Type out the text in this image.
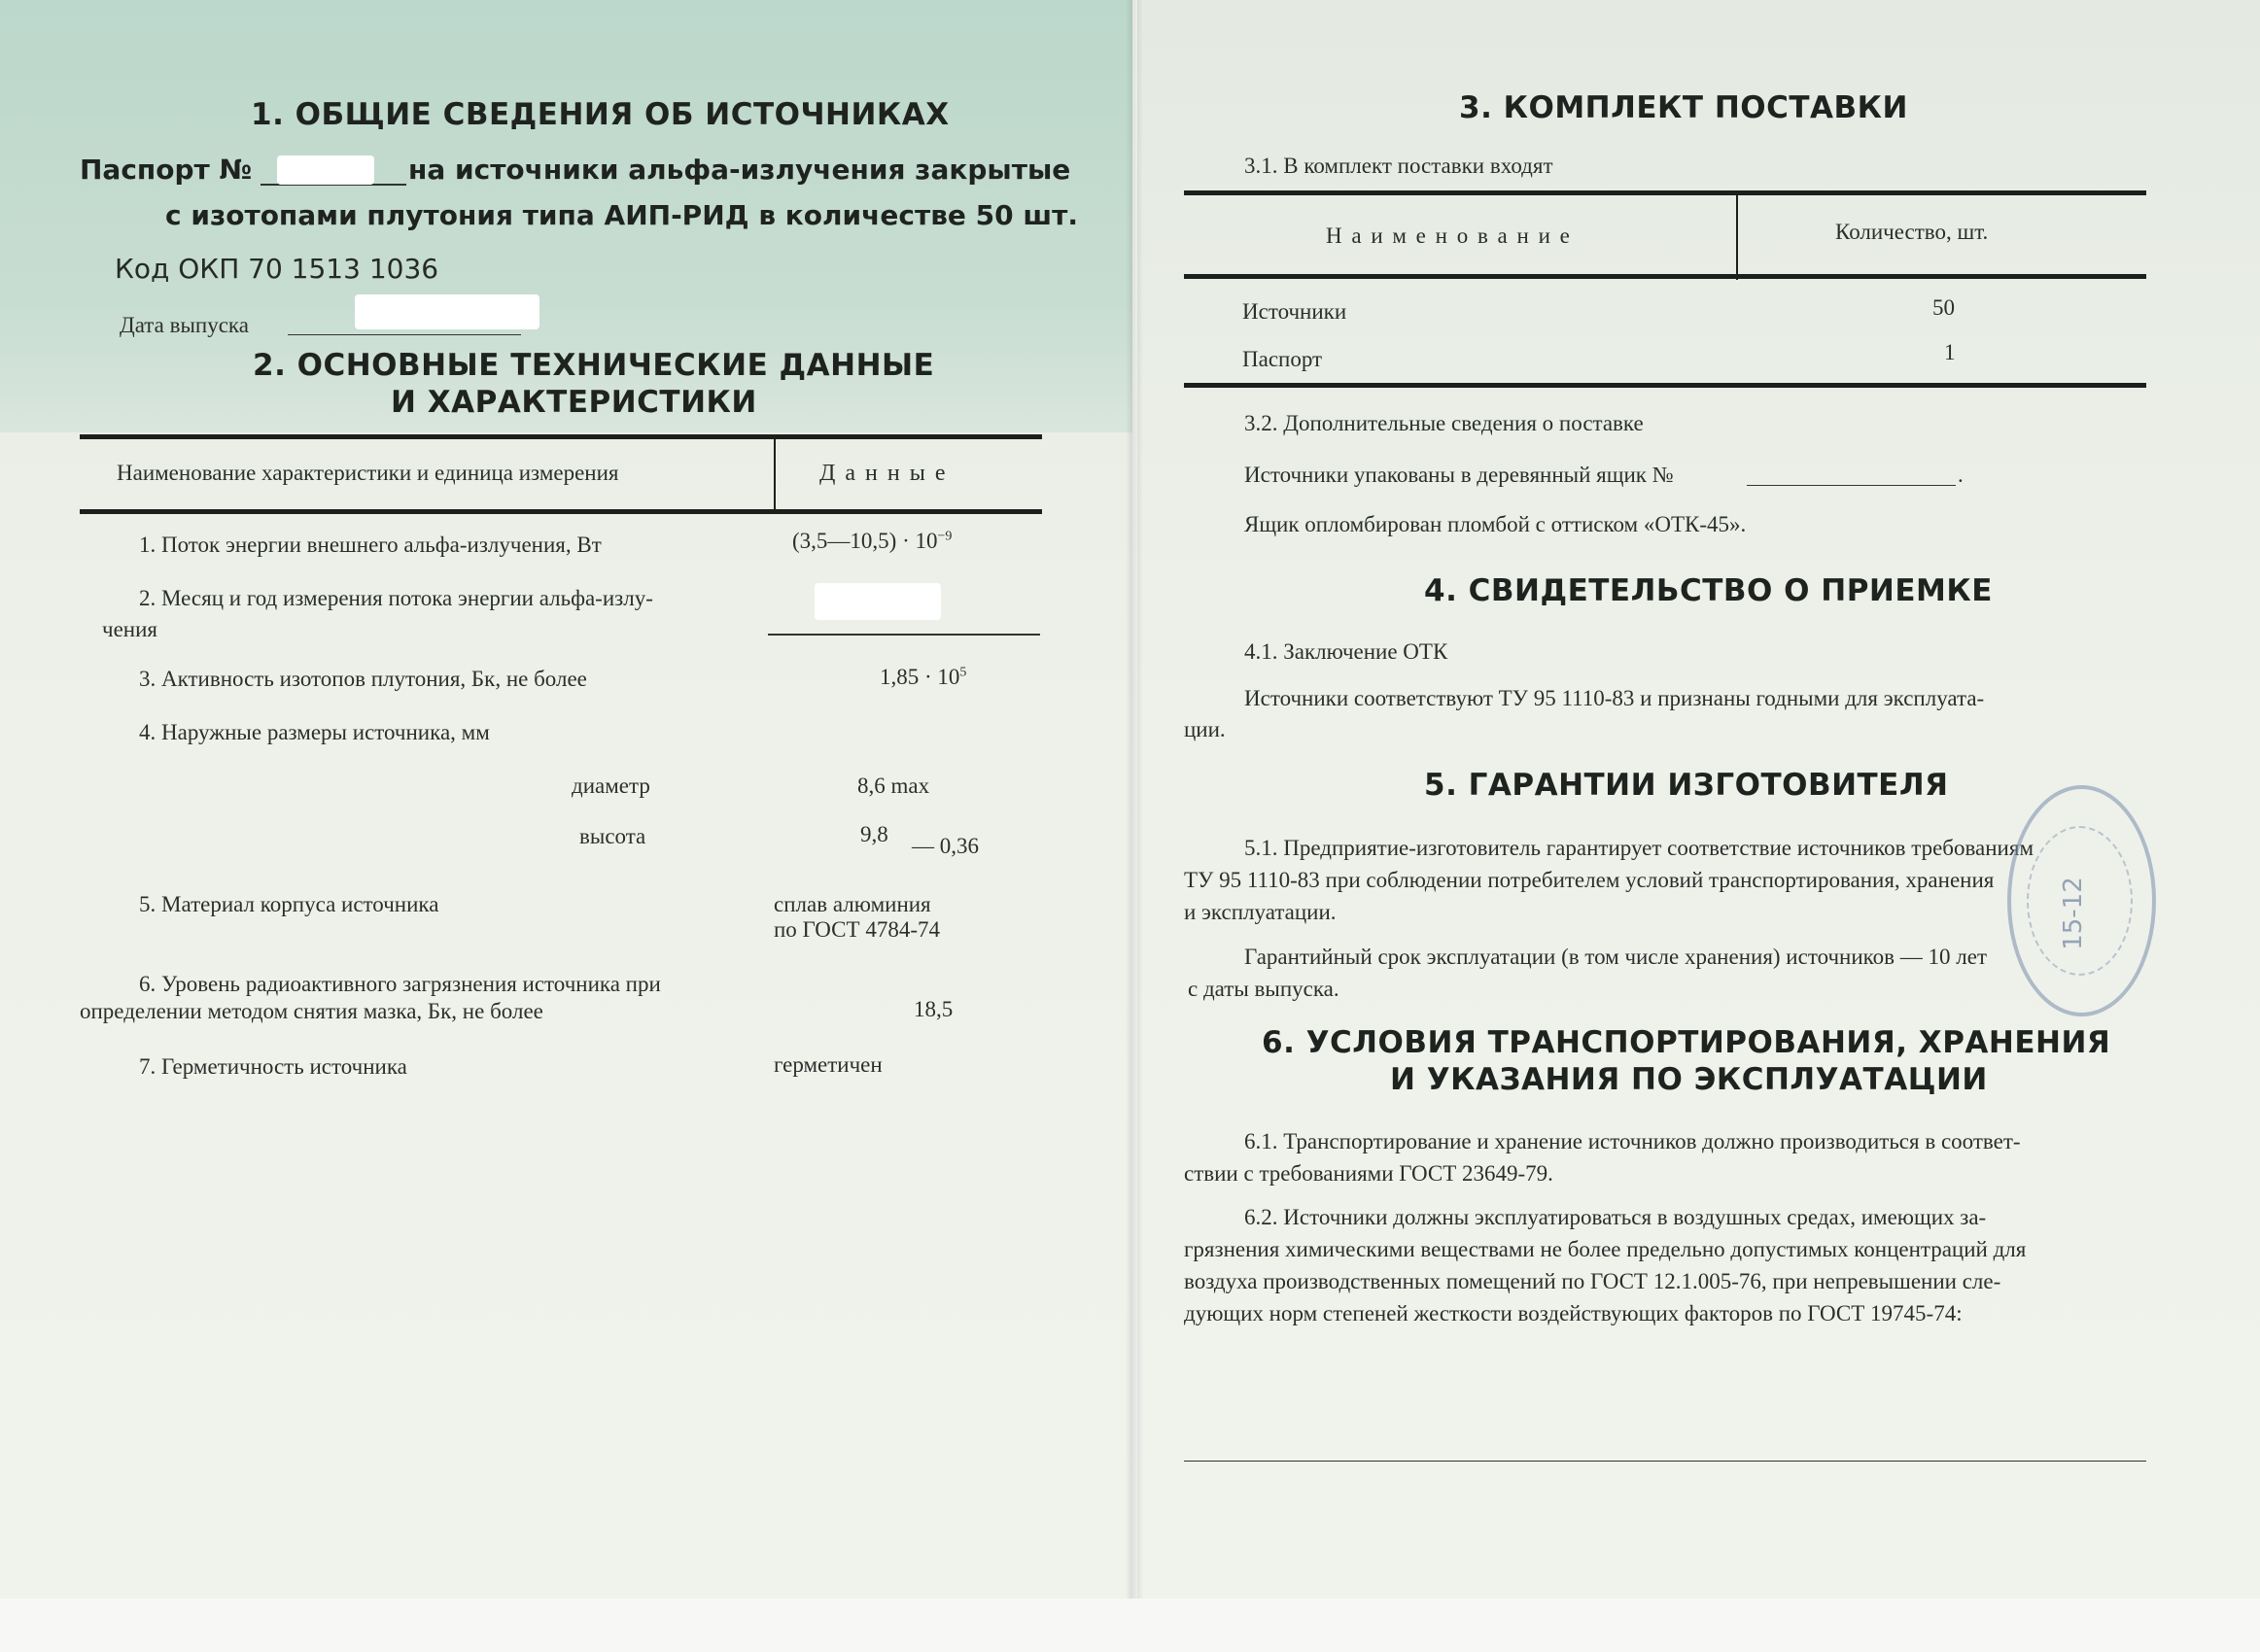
1. ОБЩИЕ СВЕДЕНИЯ ОБ ИСТОЧНИКАХ
Паспорт №	на источники альфа-излучения закрытые
с изотопами плутония типа АИП-РИД в количестве 50 шт.
Код ОКП 70 1513 1036
Дата выпуска
2. ОСНОВНЫЕ ТЕХНИЧЕСКИЕ ДАННЫЕ
И ХАРАКТЕРИСТИКИ
Наименование характеристики и единица измерения	Д а н н ы е
1. Поток энергии внешнего альфа-излучения, Вт	(3,5—10,5) · $10^{-9}$
2. Месяц и год измерения потока энергии альфа-излу-
чения
3. Активность изотопов плутония, Бк, не более	$1,85 \cdot 10^5$
4. Наружные размеры источника, мм
диаметр	8,6 max
высота	9,8 — 0,36
5. Материал корпуса источника	сплав алюминия
по ГОСТ 4784-74
6. Уровень радиоактивного загрязнения источника при
определении методом снятия мазка, Бк, не более	18,5
7. Герметичность источника	герметичен
3. КОМПЛЕКТ ПОСТАВКИ
3.1. В комплект поставки входят
Н а и м е н о в а н и е	Количество, шт.
Источники	50
Паспорт	1
3.2. Дополнительные сведения о поставке
Источники упакованы в деревянный ящик №	.
Ящик опломбирован пломбой с оттиском «ОТК-45».
4. СВИДЕТЕЛЬСТВО О ПРИЕМКЕ
4.1. Заключение ОТК
Источники соответствуют ТУ 95 1110-83 и признаны годными для эксплуата-
ции.
5. ГАРАНТИИ ИЗГОТОВИТЕЛЯ
5.1. Предприятие-изготовитель гарантирует соответствие источников требованиям
ТУ 95 1110-83 при соблюдении потребителем условий транспортирования, хранения
и эксплуатации.
Гарантийный срок эксплуатации (в том числе хранения) источников — 10 лет
с даты выпуска.
6. УСЛОВИЯ ТРАНСПОРТИРОВАНИЯ, ХРАНЕНИЯ
И УКАЗАНИЯ ПО ЭКСПЛУАТАЦИИ
6.1. Транспортирование и хранение источников должно производиться в соответ-
ствии с требованиями ГОСТ 23649-79.
6.2. Источники должны эксплуатироваться в воздушных средах, имеющих за-
грязнения химическими веществами не более предельно допустимых концентраций для
воздуха производственных помещений по ГОСТ 12.1.005-76, при непревышении сле-
дующих норм степеней жесткости воздействующих факторов по ГОСТ 19745-74:
15-12
